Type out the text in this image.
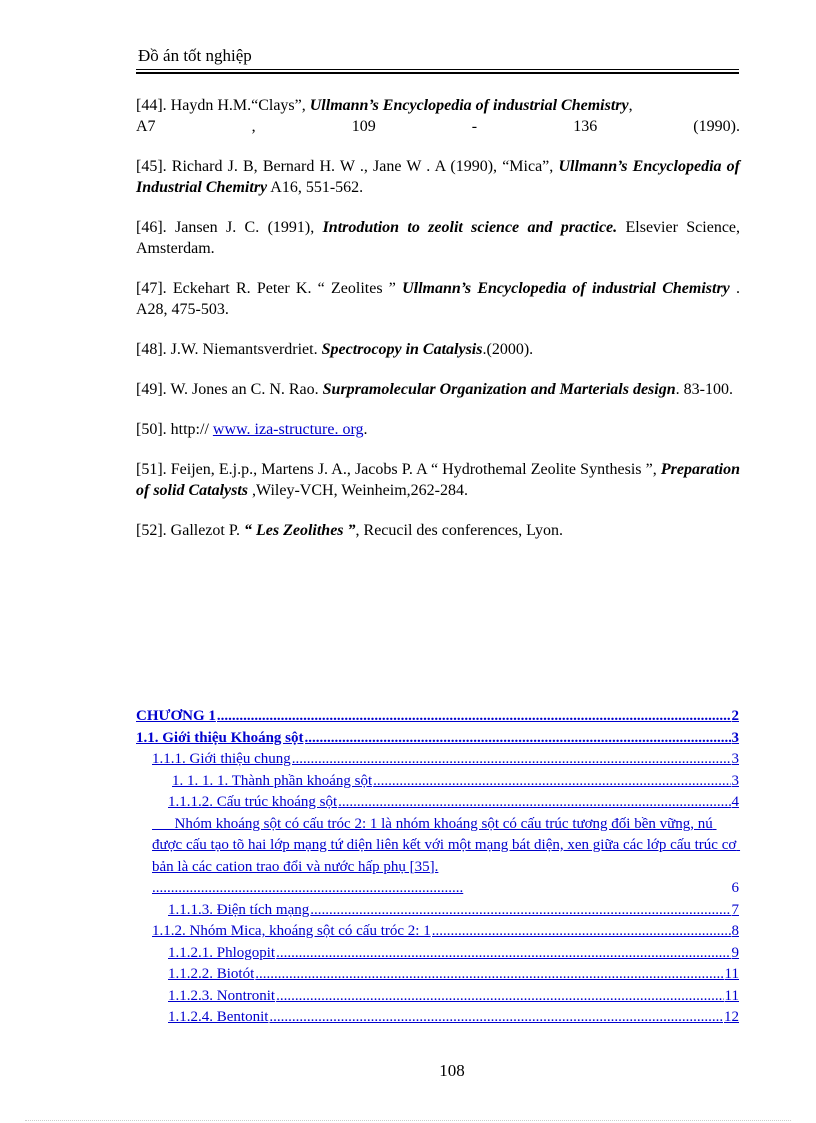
Đồ án tốt nghiệp
[44]. Haydn H.M.“Clays”, Ullmann’s Encyclopedia of industrial Chemistry,
A7	,	109	-	136	(1990).
[45]. Richard J. B, Bernard H. W ., Jane W . A (1990), “Mica”, Ullmann’s Encyclopedia of Industrial Chemitry A16, 551-562.
[46]. Jansen J. C. (1991), Introdution to zeolit science and practice. Elsevier Science, Amsterdam.
[47]. Eckehart R. Peter K. “ Zeolites ” Ullmann’s Encyclopedia of industrial Chemistry . A28, 475-503.
[48]. J.W. Niemantsverdriet. Spectrocopy in Catalysis.(2000).
[49]. W. Jones an C. N. Rao. Surpramolecular Organization and Marterials design. 83-100.
[50]. http:// www. iza-structure. org.
[51]. Feijen, E.j.p., Martens J. A., Jacobs P. A “ Hydrothemal Zeolite Synthesis ”, Preparation of solid Catalysts ,Wiley-VCH, Weinheim,262-284.
[52]. Gallezot P. “ Les Zeolithes ”, Recucil des conferences, Lyon.
CHƯƠNG 1 .....	2
1.1. Giới thiệu Khoáng sột .....	3
1.1.1. Giới thiệu chung .....	3
1. 1. 1. 1. Thành phần khoáng sột .....	3
1.1.1.2. Cấu trúc khoáng sột .....	4
Nhóm khoáng sột có cấu tróc 2: 1 là nhóm khoáng sột có cấu trúc tương đối bền vững, nú được cấu tạo tõ hai lớp mạng tứ diện liên kết với một mạng bát diện, xen giữa các lớp cấu trúc cơ bản là các cation trao đổi và nước hấp phụ [35]. ...................................................................................	6
1.1.1.3. Điện tích mạng .....	7
1.1.2. Nhóm Mica, khoáng sột có cấu tróc 2: 1 .....	8
1.1.2.1. Phlogopit .....	9
1.1.2.2. Biotót .....	11
1.1.2.3. Nontronit .....	11
1.1.2.4. Bentonit .....	12
108
